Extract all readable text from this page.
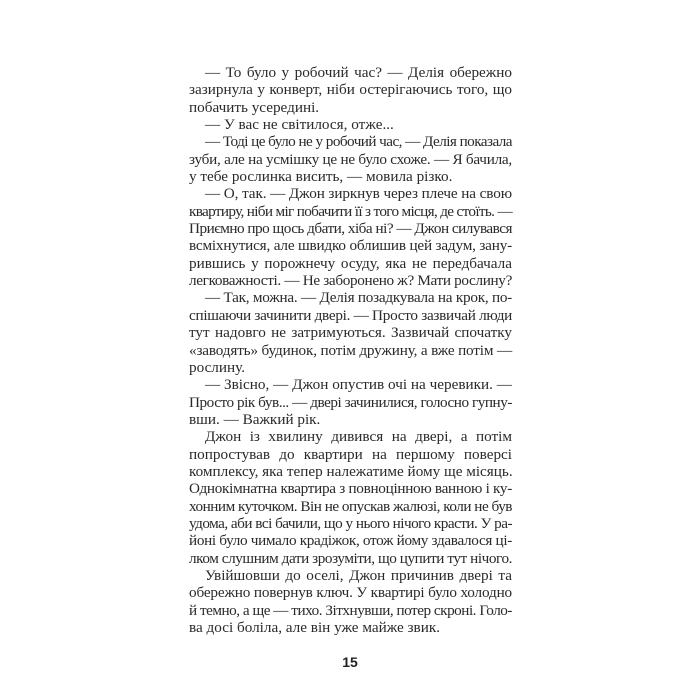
— То було у робочий час? — Делія обережно
зазирнула у конверт, ніби остерігаючись того, що
побачить усередині.
— У вас не світилося, отже...
— Тоді це було не у робочий час, — Делія показала
зуби, але на усмішку це не було схоже. — Я бачила,
у тебе рослинка висить, — мовила різко.
— О, так. — Джон зиркнув через плече на свою
квартиру, ніби міг побачити її з того місця, де стоїть. —
Приємно про щось дбати, хіба ні? — Джон силувався
всміхнутися, але швидко облишив цей задум, зану-
рившись у порожнечу осуду, яка не передбачала
легковажності. — Не заборонено ж? Мати рослину?
— Так, можна. — Делія позадкувала на крок, по-
спішаючи зачинити двері. — Просто зазвичай люди
тут надовго не затримуються. Зазвичай спочатку
«заводять» будинок, потім дружину, а вже потім —
рослину.
— Звісно, — Джон опустив очі на черевики. —
Просто рік був... — двері зачинилися, голосно гупну-
вши. — Важкий рік.
Джон із хвилину дивився на двері, а потім
попростував до квартири на першому поверсі
комплексу, яка тепер належатиме йому ще місяць.
Однокімнатна квартира з повноцінною ванною і ку-
хонним куточком. Він не опускав жалюзі, коли не був
удома, аби всі бачили, що у нього нічого красти. У ра-
йоні було чимало крадіжок, отож йому здавалося ці-
лком слушним дати зрозуміти, що цупити тут нічого.
Увійшовши до оселі, Джон причинив двері та
обережно повернув ключ. У квартирі було холодно
й темно, а ще — тихо. Зітхнувши, потер скроні. Голо-
ва досі боліла, але він уже майже звик.
15
